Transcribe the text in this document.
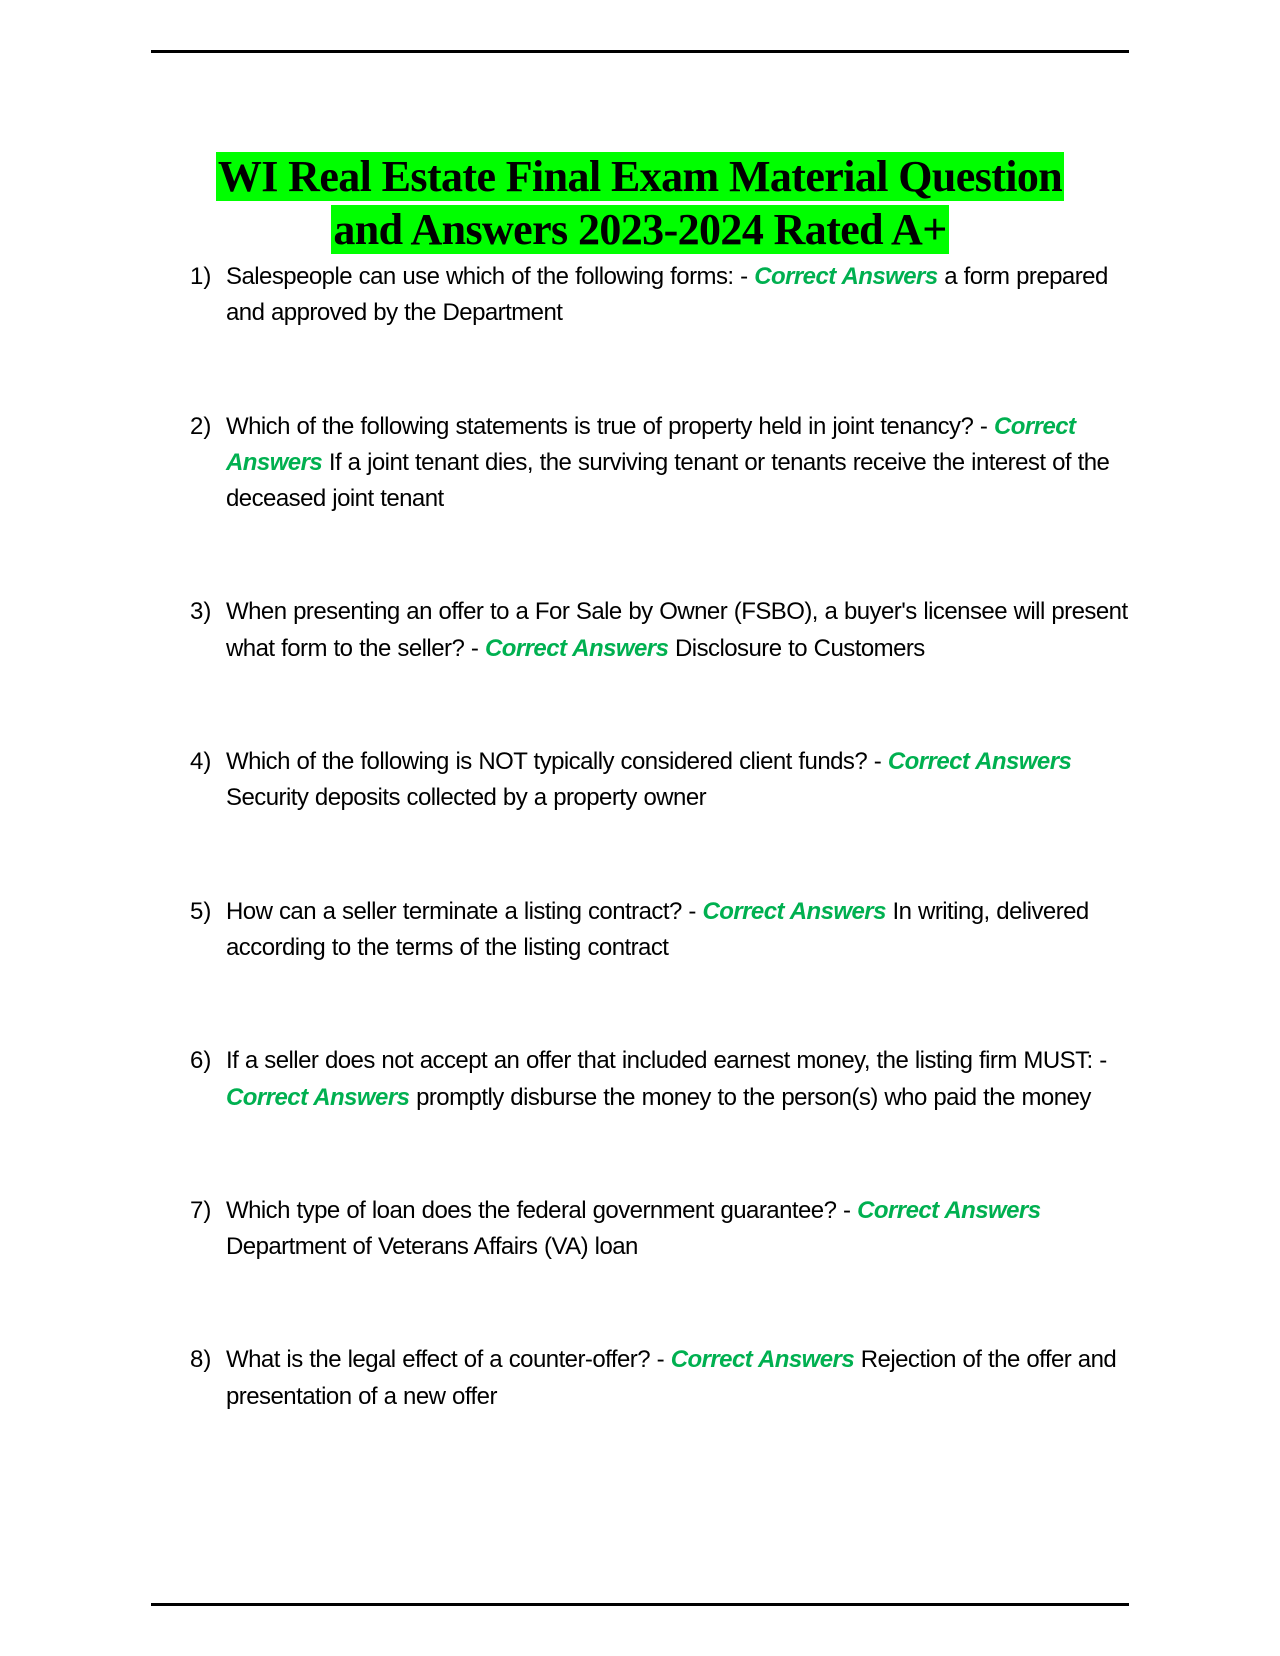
WI Real Estate Final Exam Material Question
and Answers 2023-2024 Rated A+
1) Salespeople can use which of the following forms: - Correct Answers a form prepared and approved by the Department
2) Which of the following statements is true of property held in joint tenancy? - Correct Answers If a joint tenant dies, the surviving tenant or tenants receive the interest of the deceased joint tenant
3) When presenting an offer to a For Sale by Owner (FSBO), a buyer's licensee will present what form to the seller? - Correct Answers Disclosure to Customers
4) Which of the following is NOT typically considered client funds? - Correct Answers Security deposits collected by a property owner
5) How can a seller terminate a listing contract? - Correct Answers In writing, delivered according to the terms of the listing contract
6) If a seller does not accept an offer that included earnest money, the listing firm MUST: - Correct Answers promptly disburse the money to the person(s) who paid the money
7) Which type of loan does the federal government guarantee? - Correct Answers Department of Veterans Affairs (VA) loan
8) What is the legal effect of a counter-offer? - Correct Answers Rejection of the offer and presentation of a new offer
